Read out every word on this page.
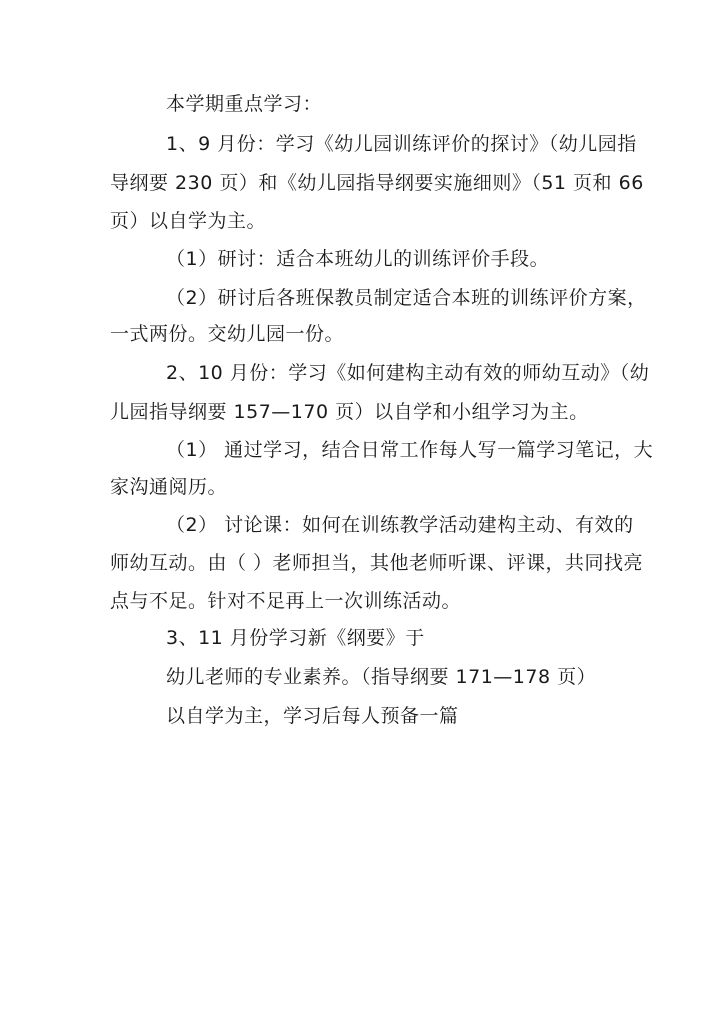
本学期重点学习：
1、9 月份：学习《幼儿园训练评价的探讨》（幼儿园指
导纲要 230 页）和《幼儿园指导纲要实施细则》（51 页和 66
页）以自学为主。
（1）研讨：适合本班幼儿的训练评价手段。
（2）研讨后各班保教员制定适合本班的训练评价方案，
一式两份。交幼儿园一份。
2、10 月份：学习《如何建构主动有效的师幼互动》（幼
儿园指导纲要 157—170 页）以自学和小组学习为主。
（1） 通过学习，结合日常工作每人写一篇学习笔记，大
家沟通阅历。
（2） 讨论课：如何在训练教学活动建构主动、有效的
师幼互动。由（ ）老师担当，其他老师听课、评课，共同找亮
点与不足。针对不足再上一次训练活动。
3、11 月份学习新《纲要》于
幼儿老师的专业素养。（指导纲要 171—178 页）
以自学为主，学习后每人预备一篇
